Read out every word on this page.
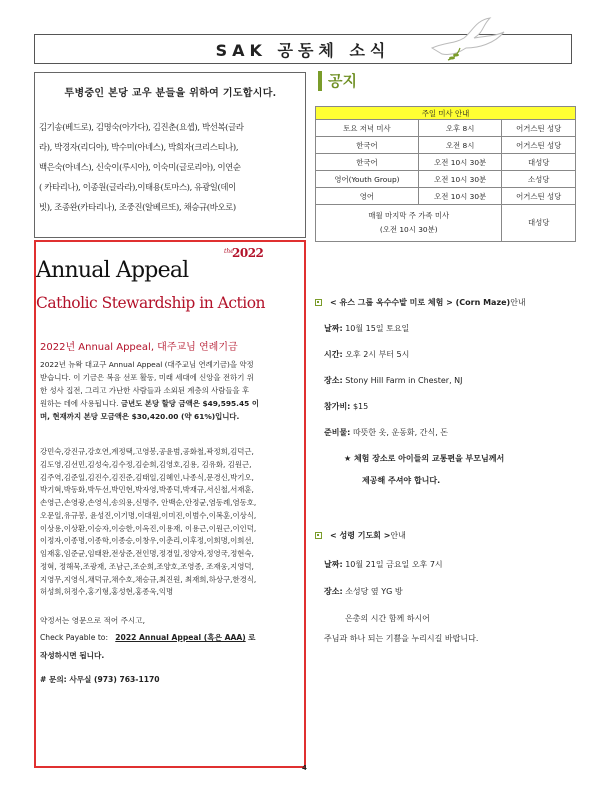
SAK 공동체 소식
투병중인 본당 교우 분들을 위하여 기도합시다.
김기송(베드로), 김명숙(아가다), 김진춘(요셉), 박선복(글라
라), 박경자(리디아), 박수미(아네스), 박희자(크리스티나),
백은숙(아네스), 신숙이(루시아), 이숙미(글로리아), 이연순
( 카타리나), 이종원(글라라),이태용(토마스), 유광일(데이
빗), 조종완(카타리나), 조중진(알베르또), 채승규(바오로)
공지
주일 미사 안내		
토요 저녁 미사	오후 8시	어거스틴 성당
한국어	오전 8시	어거스틴 성당
한국어	오전 10시 30분	대성당
영어(Youth Group)	오전 10시 30분	소성당
영어	오전 10시 30분	어거스틴 성당

매월 마지막 주 가족 미사
(오전 10시 30분)		대성당
the
2022
Annual Appeal
Catholic Stewardship in Action
2022년 Annual Appeal, 대주교님 연례기금
2022년 뉴왁 대교구 Annual Appeal (대주교님 연례기금)을 약정
받습니다. 이 기금은 복음 선포 활동, 미래 세대에 신앙을 전하기 위
한 성사 집전, 그리고 가난한 사람들과 소외된 계층의 사람들을 후
원하는 데에 사용됩니다. 금년도 본당 할당 금액은 $49,595.45 이
며, 현재까지 본당 모금액은 $30,420.00 (약 61%)입니다.
강민숙,강진규,강호연,계정택,고영봉,공윤범,공화철,곽정희,김덕근,
김도영,김선민,김성숙,김수정,김순희,김영호,김용, 김유화, 김원근,
김주역,김준일,김진수,김진준,김태일,김혜인,나종식,문경신,박기오,
박기혁,박동화,박두선,박민현,박자영,박종덕,박재규,서신철,서재훈,
손영근,손영광,손영식,송의용,신명주, 안백순,안정균,염동례,염동호,
오문일,유규봉, 윤성진,이기명,이대원,이미진,이범수,이복훈,이상식,
이상용,이상환,이승자,이승한,이옥진,이용재, 이용근,이원근,이인덕,
이정자,이종명,이종학,이종승,이창우,이춘리,이후정,이희명,이희선,
임재홍,임준균,임태완,전상준,전인명,정경일,정양자,정영국,정현숙,
정혁, 정해묵,조광재, 조남근,조순희,조양호,조영종, 조재웅,지영덕,
지영무,지영식,채덕규,채수호,채승규,최진원, 최재희,하상구,한경식,
허성희,허정수,홍기형,홍성현,홍종욱,익명
약정서는 영문으로 적어 주시고,
Check Payable to: 2022 Annual Appeal (혹은 AAA) 로
작성하시면 됩니다.
# 문의: 사무실 (973) 763-1170
< 유스 그룹 옥수수밭 미로 체험 > (Corn Maze) 안내
날짜: 10월 15일 토요일
시간: 오후 2시 부터 5시
장소: Stony Hill Farm in Chester, NJ
참가비: $15
준비물: 따뜻한 옷, 운동화, 간식, 돈
★ 체험 장소로 아이들의 교통편을 부모님께서
제공해 주셔야 합니다.
< 성령 기도회 > 안내
날짜: 10월 21일 금요일 오후 7시
장소: 소성당 옆 YG 방
은총의 시간 함께 하시어
주님과 하나 되는 기쁨을 누리시길 바랍니다.
4
